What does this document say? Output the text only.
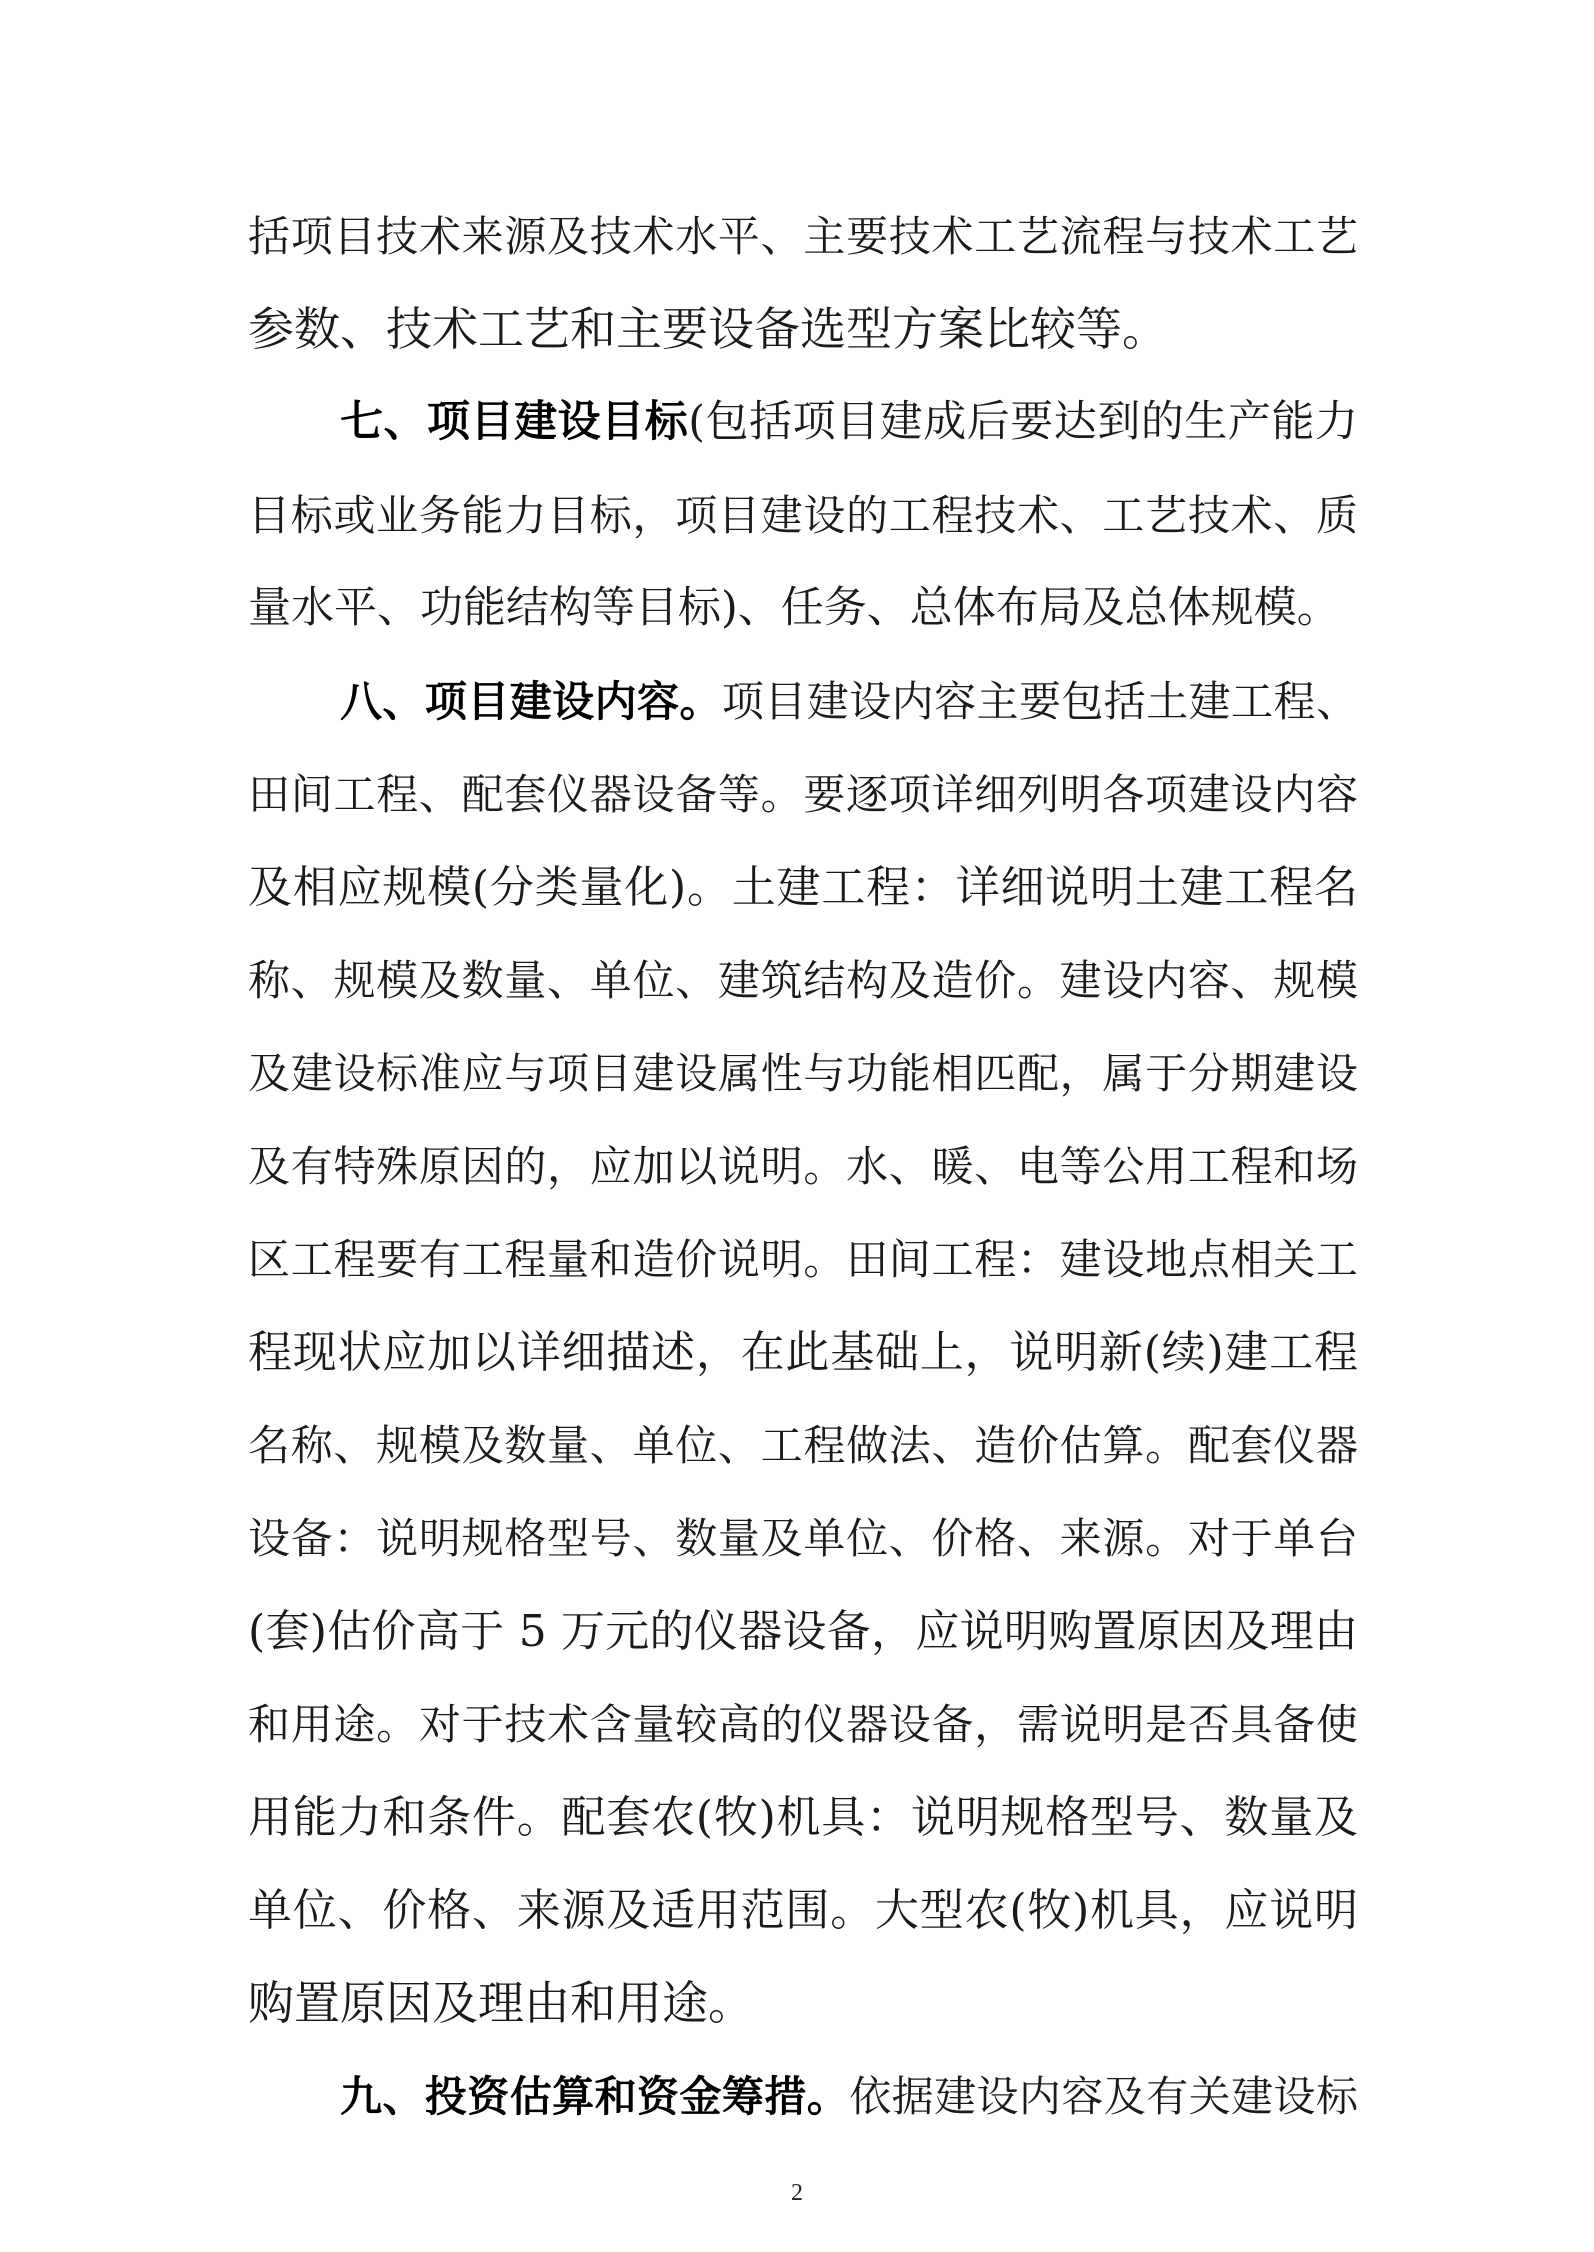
括项目技术来源及技术水平、主要技术工艺流程与技术工艺
参数、技术工艺和主要设备选型方案比较等。
七、项目建设目标(包括项目建成后要达到的生产能力
目标或业务能力目标，项目建设的工程技术、工艺技术、质
量水平、功能结构等目标)、任务、总体布局及总体规模。
八、项目建设内容。项目建设内容主要包括土建工程、
田间工程、配套仪器设备等。要逐项详细列明各项建设内容
及相应规模(分类量化)。土建工程：详细说明土建工程名
称、规模及数量、单位、建筑结构及造价。建设内容、规模
及建设标准应与项目建设属性与功能相匹配，属于分期建设
及有特殊原因的，应加以说明。水、暖、电等公用工程和场
区工程要有工程量和造价说明。田间工程：建设地点相关工
程现状应加以详细描述，在此基础上，说明新(续)建工程
名称、规模及数量、单位、工程做法、造价估算。配套仪器
设备：说明规格型号、数量及单位、价格、来源。对于单台
(套)估价高于 5 万元的仪器设备，应说明购置原因及理由
和用途。对于技术含量较高的仪器设备，需说明是否具备使
用能力和条件。配套农(牧)机具：说明规格型号、数量及
单位、价格、来源及适用范围。大型农(牧)机具，应说明
购置原因及理由和用途。
九、投资估算和资金筹措。依据建设内容及有关建设标
2
